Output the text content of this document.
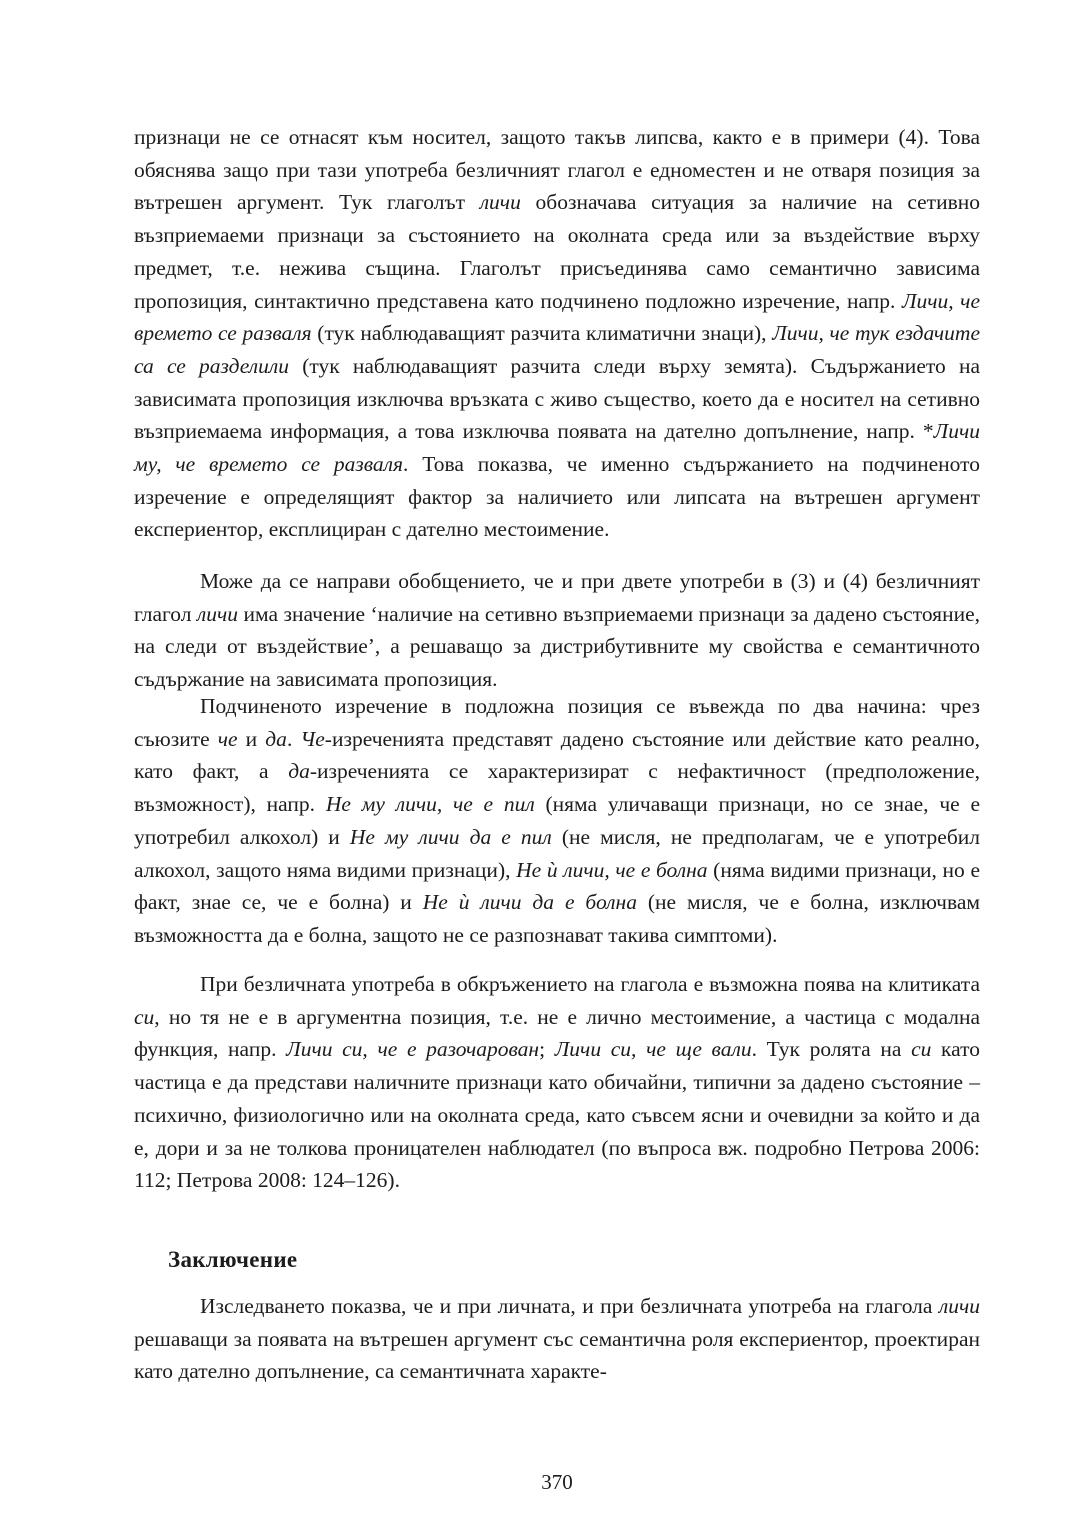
признаци не се отнасят към носител, защото такъв липсва, както е в примери (4). Това обяснява защо при тази употреба безличният глагол е едноместен и не отваря позиция за вътрешен аргумент. Тук глаголът личи обозначава ситуация за наличие на сетивно възприемаеми признаци за състоянието на околната среда или за въздействие върху предмет, т.е. нежива същина. Глаголът присъединява само семантично зависима пропозиция, синтактично представена като подчинено подложно изречение, напр. Личи, че времето се разваля (тук наблюдаващият разчита климатични знаци), Личи, че тук ездачите са се разделили (тук наблюдаващият разчита следи върху земята). Съдържанието на зависимата пропозиция изключва връзката с живо същество, което да е носител на сетивно възприемаема информация, а това изключва появата на дателно допълнение, напр. *Личи му, че времето се разваля. Това показва, че именно съдържанието на подчиненото изречение е определящият фактор за наличието или липсата на вътрешен аргумент експериентор, експлициран с дателно местоимение.

Може да се направи обобщението, че и при двете употреби в (3) и (4) безличният глагол личи има значение ‘наличие на сетивно възприемаеми признаци за дадено състояние, на следи от въздействие’, а решаващо за дистрибутивните му свойства е семантичното съдържание на зависимата пропозиция.

Подчиненото изречение в подложна позиция се въвежда по два начина: чрез съюзите че и да. Че-изреченията представят дадено състояние или действие като реално, като факт, а да-изреченията се характеризират с нефактичност (предположение, възможност), напр. Не му личи, че е пил (няма уличаващи признаци, но се знае, че е употребил алкохол) и Не му личи да е пил (не мисля, не предполагам, че е употребил алкохол, защото няма видими признаци), Не ѝ личи, че е болна (няма видими признаци, но е факт, знае се, че е болна) и Не ѝ личи да е болна (не мисля, че е болна, изключвам възможността да е болна, защото не се разпознават такива симптоми).

При безличната употреба в обкръжението на глагола е възможна поява на клитиката си, но тя не е в аргументна позиция, т.е. не е лично местоимение, а частица с модална функция, напр. Личи си, че е разочарован; Личи си, че ще вали. Тук ролята на си като частица е да представи наличните признаци като обичайни, типични за дадено състояние – психично, физиологично или на околната среда, като съвсем ясни и очевидни за който и да е, дори и за не толкова проницателен наблюдател (по въпроса вж. подробно Петрова 2006: 112; Петрова 2008: 124–126).

Заключение

Изследването показва, че и при личната, и при безличната употреба на глагола личи решаващи за появата на вътрешен аргумент със семантична роля експериентор, проектиран като дателно допълнение, са семантичната характе-

370
